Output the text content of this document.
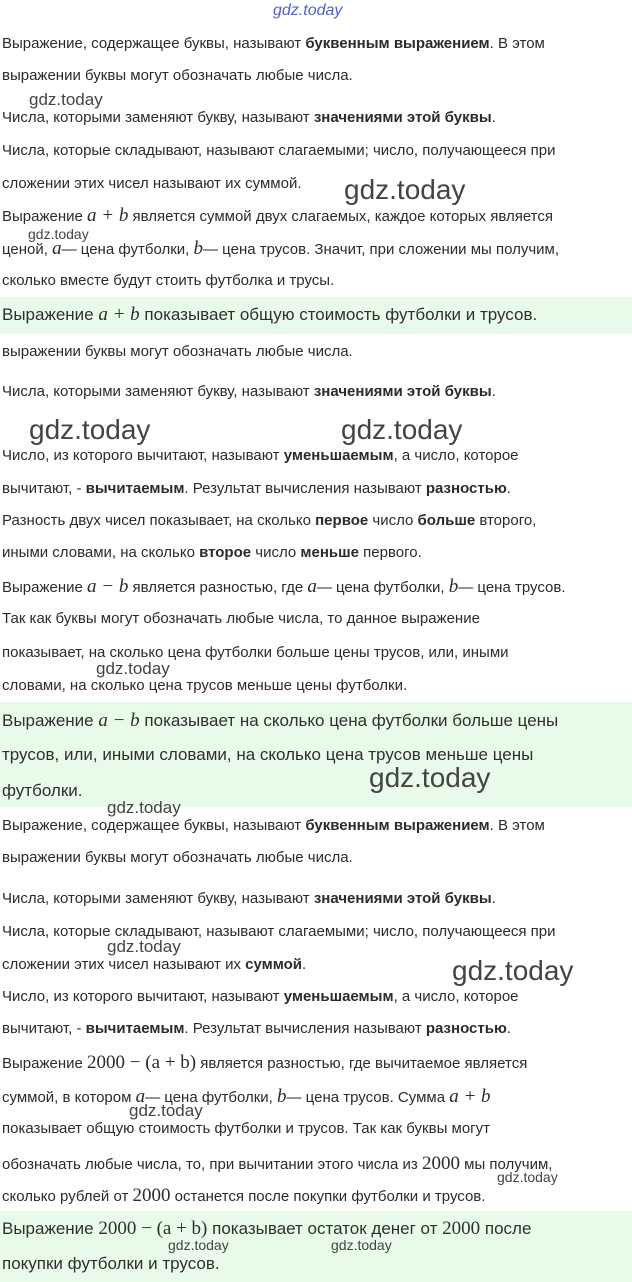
gdz.today
Выражение, содержащее буквы, называют буквенным выражением. В этом
выражении буквы могут обозначать любые числа.
gdz.today
Числа, которыми заменяют букву, называют значениями этой буквы.
Числа, которые складывают, называют слагаемыми; число, получающееся при
сложении этих чисел называют их суммой. gdz.today
Выражение a + b является суммой двух слагаемых, каждое которых является
gdz.today
ценой, a— цена футболки, b— цена трусов. Значит, при сложении мы получим,
сколько вместе будут стоить футболка и трусы.
Выражение a + b показывает общую стоимость футболки и трусов.
выражении буквы могут обозначать любые числа.
Числа, которыми заменяют букву, называют значениями этой буквы.
gdz.today	gdz.today
Число, из которого вычитают, называют уменьшаемым, а число, которое
вычитают, - вычитаемым. Результат вычисления называют разностью.
Разность двух чисел показывает, на сколько первое число больше второго,
иными словами, на сколько второе число меньше первого.
Выражение a − b является разностью, где a— цена футболки, b— цена трусов.
Так как буквы могут обозначать любые числа, то данное выражение
показывает, на сколько цена футболки больше цены трусов, или, иными
gdz.today
словами, на сколько цена трусов меньше цены футболки.
Выражение a − b показывает на сколько цена футболки больше цены
трусов, или, иными словами, на сколько цена трусов меньше цены
футболки.	gdz.today
gdz.today
Выражение, содержащее буквы, называют буквенным выражением. В этом
выражении буквы могут обозначать любые числа.
Числа, которыми заменяют букву, называют значениями этой буквы.
Числа, которые складывают, называют слагаемыми; число, получающееся при
gdz.today
сложении этих чисел называют их суммой.	gdz.today
Число, из которого вычитают, называют уменьшаемым, а число, которое
вычитают, - вычитаемым. Результат вычисления называют разностью.
Выражение 2000 − (a + b) является разностью, где вычитаемое является
суммой, в котором a— цена футболки, b— цена трусов. Сумма a + b
gdz.today
показывает общую стоимость футболки и трусов. Так как буквы могут
обозначать любые числа, то, при вычитании этого числа из 2000 мы получим,
gdz.today
сколько рублей от 2000 останется после покупки футболки и трусов.
Выражение 2000 − (a + b) показывает остаток денег от 2000 после
покупки футболки и трусов.
gdz.today	gdz.today
